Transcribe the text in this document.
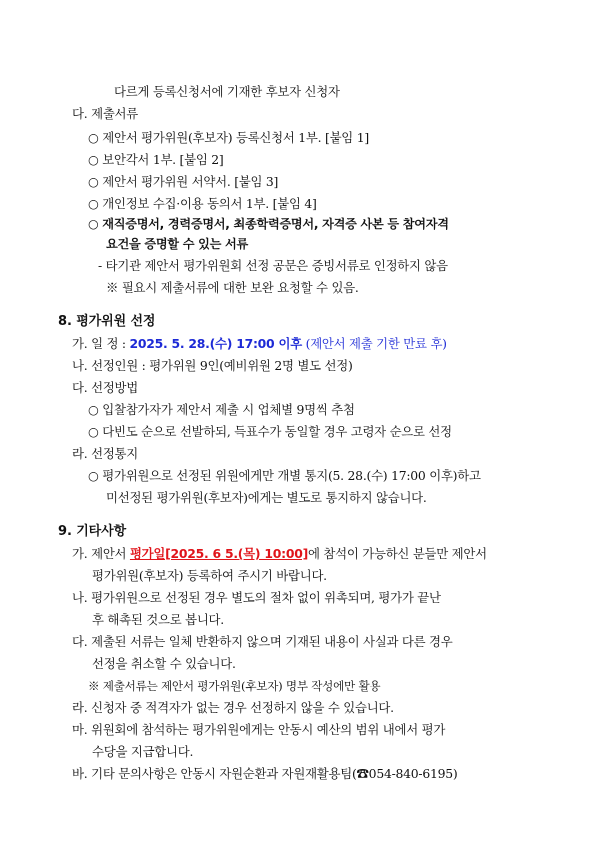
다르게 등록신청서에 기재한 후보자 신청자
다. 제출서류
○ 제안서 평가위원(후보자) 등록신청서 1부. [붙임 1]
○ 보안각서 1부. [붙임 2]
○ 제안서 평가위원 서약서. [붙임 3]
○ 개인정보 수집·이용 동의서 1부. [붙임 4]
○ 재직증명서, 경력증명서, 최종학력증명서, 자격증 사본 등 참여자격
요건을 증명할 수 있는 서류
- 타기관 제안서 평가위원회 선정 공문은 증빙서류로 인정하지 않음
※ 필요시 제출서류에 대한 보완 요청할 수 있음.
8. 평가위원 선정
가. 일 정 : 2025. 5. 28.(수) 17:00 이후 (제안서 제출 기한 만료 후)
나. 선정인원 : 평가위원 9인(예비위원 2명 별도 선정)
다. 선정방법
○ 입찰참가자가 제안서 제출 시 업체별 9명씩 추첨
○ 다빈도 순으로 선발하되, 득표수가 동일할 경우 고령자 순으로 선정
라. 선정통지
○ 평가위원으로 선정된 위원에게만 개별 통지(5. 28.(수) 17:00 이후)하고
미선정된 평가위원(후보자)에게는 별도로 통지하지 않습니다.
9. 기타사항
가. 제안서 평가일[2025. 6 5.(목) 10:00]에 참석이 가능하신 분들만 제안서
평가위원(후보자) 등록하여 주시기 바랍니다.
나. 평가위원으로 선정된 경우 별도의 절차 없이 위촉되며, 평가가 끝난
후 해촉된 것으로 봅니다.
다. 제출된 서류는 일체 반환하지 않으며 기재된 내용이 사실과 다른 경우
선정을 취소할 수 있습니다.
※ 제출서류는 제안서 평가위원(후보자) 명부 작성에만 활용
라. 신청자 중 적격자가 없는 경우 선정하지 않을 수 있습니다.
마. 위원회에 참석하는 평가위원에게는 안동시 예산의 범위 내에서 평가
수당을 지급합니다.
바. 기타 문의사항은 안동시 자원순환과 자원재활용팀(☎054-840-6195)
